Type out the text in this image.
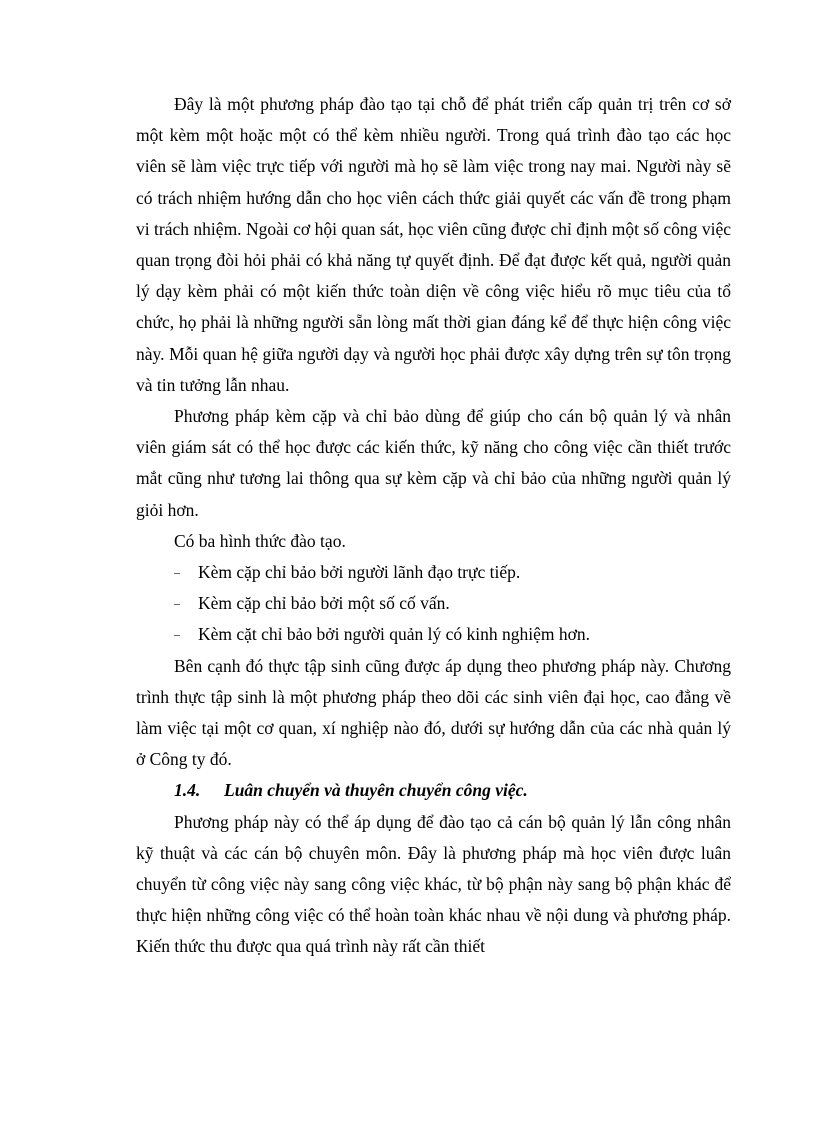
Đây là một phương pháp đào tạo tại chỗ để phát triển cấp quản trị trên cơ sở một kèm một hoặc một có thể kèm nhiều người. Trong quá trình đào tạo các học viên sẽ làm việc trực tiếp với người mà họ sẽ làm việc trong nay mai. Người này sẽ có trách nhiệm hướng dẫn cho học viên cách thức giải quyết các vấn đề trong phạm vi trách nhiệm. Ngoài cơ hội quan sát, học viên cũng được chỉ định một số công việc quan trọng đòi hỏi phải có khả năng tự quyết định. Để đạt được kết quả, người quản lý dạy kèm phải có một kiến thức toàn diện về công việc hiểu rõ mục tiêu của tổ chức, họ phải là những người sẵn lòng mất thời gian đáng kể để thực hiện công việc này. Mỗi quan hệ giữa người dạy và người học phải được xây dựng trên sự tôn trọng và tin tưởng lẫn nhau.

Phương pháp kèm cặp và chỉ bảo dùng để giúp cho cán bộ quản lý và nhân viên giám sát có thể học được các kiến thức, kỹ năng cho công việc cần thiết trước mắt cũng như tương lai thông qua sự kèm cặp và chỉ bảo của những người quản lý giỏi hơn.

Có ba hình thức đào tạo.

– Kèm cặp chỉ bảo bởi người lãnh đạo trực tiếp.
– Kèm cặp chỉ bảo bởi một số cố vấn.
– Kèm cặt chỉ bảo bởi người quản lý có kinh nghiệm hơn.

Bên cạnh đó thực tập sinh cũng được áp dụng theo phương pháp này. Chương trình thực tập sinh là một phương pháp theo dõi các sinh viên đại học, cao đẳng về làm việc tại một cơ quan, xí nghiệp nào đó, dưới sự hướng dẫn của các nhà quản lý ở Công ty đó.

1.4.	Luân chuyển và thuyên chuyển công việc.

Phương pháp này có thể áp dụng để đào tạo cả cán bộ quản lý lẫn công nhân kỹ thuật và các cán bộ chuyên môn. Đây là phương pháp mà học viên được luân chuyển từ công việc này sang công việc khác, từ bộ phận này sang bộ phận khác để thực hiện những công việc có thể hoàn toàn khác nhau về nội dung và phương pháp. Kiến thức thu được qua quá trình này rất cần thiết
